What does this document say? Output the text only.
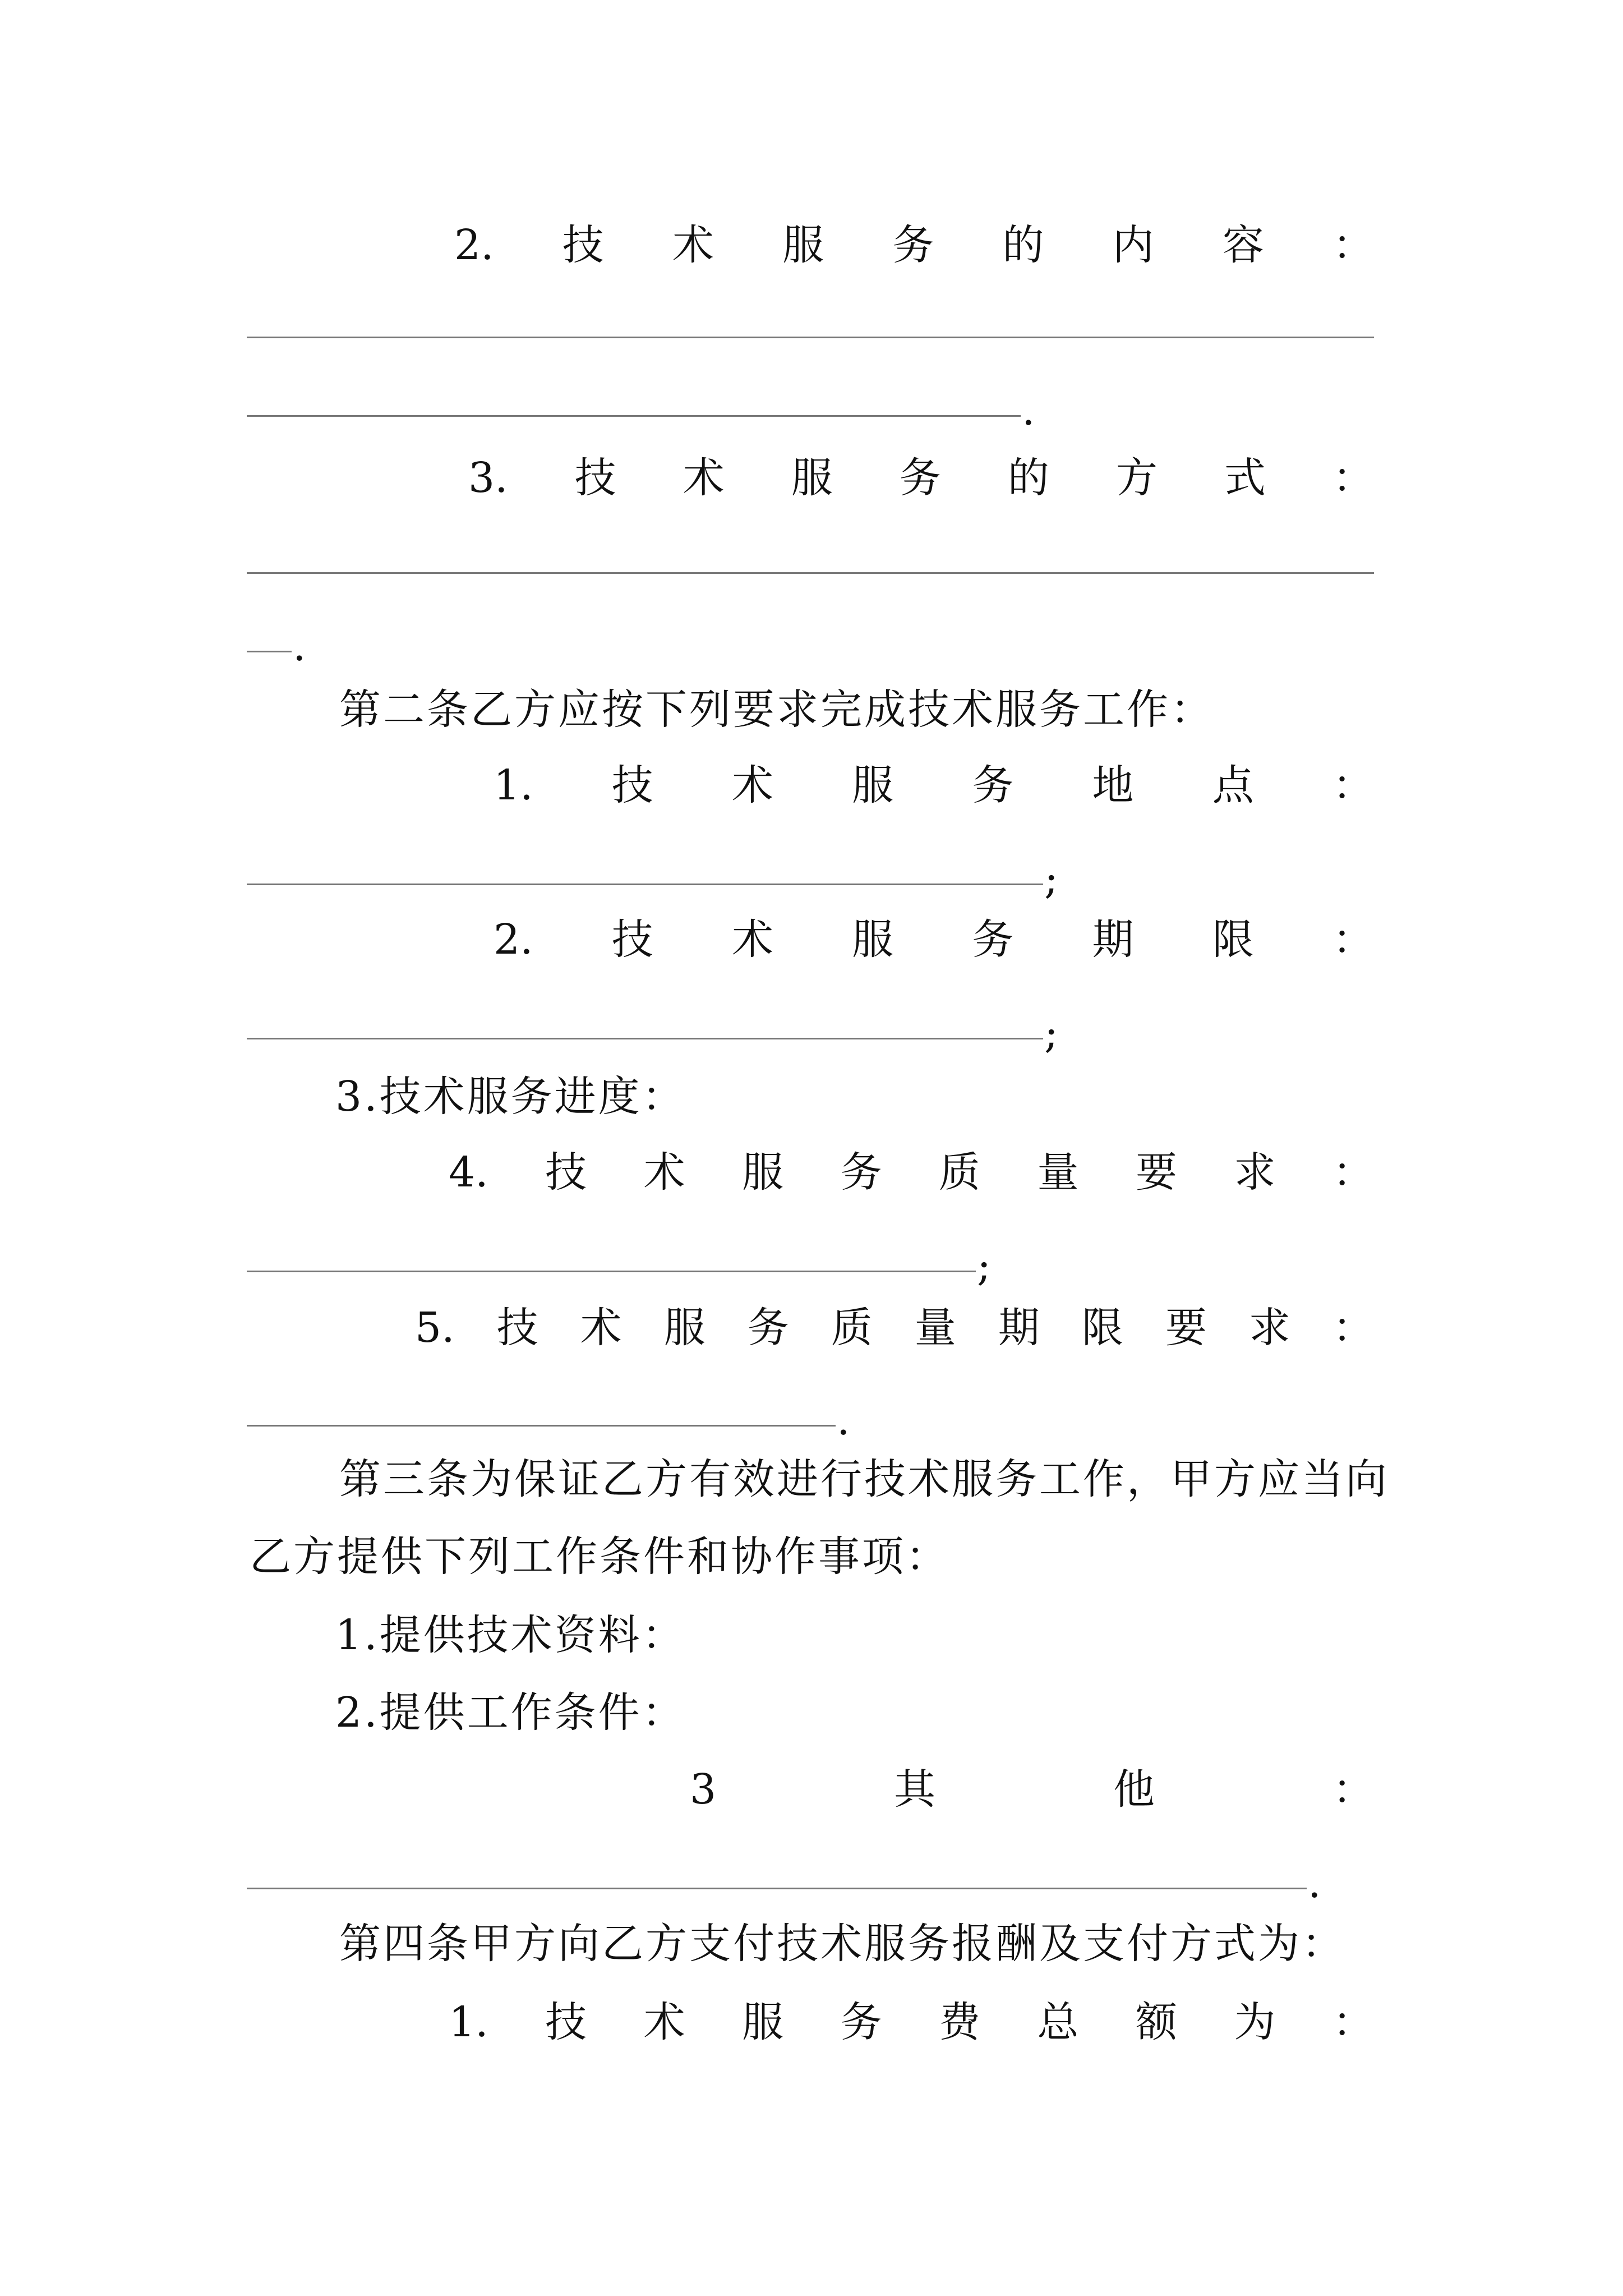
2. 技 术 服 务 的 内 容 ：
.
3. 技 术 服 务 的 方 式 ：
.
第二条乙方应按下列要求完成技术服务工作：
1. 技 术 服 务 地 点 ：
;
2. 技 术 服 务 期 限 ：
;
3.技术服务进度：
4. 技 术 服 务 质 量 要 求 ：
;
5. 技 术 服 务 质 量 期 限 要 求 ：
.
第三条为保证乙方有效进行技术服务工作，甲方应当向
乙方提供下列工作条件和协作事项：
1.提供技术资料：
2.提供工作条件：
3	其	他	：
.
第四条甲方向乙方支付技术服务报酬及支付方式为：
1. 技 术 服 务 费 总 额 为 ：
